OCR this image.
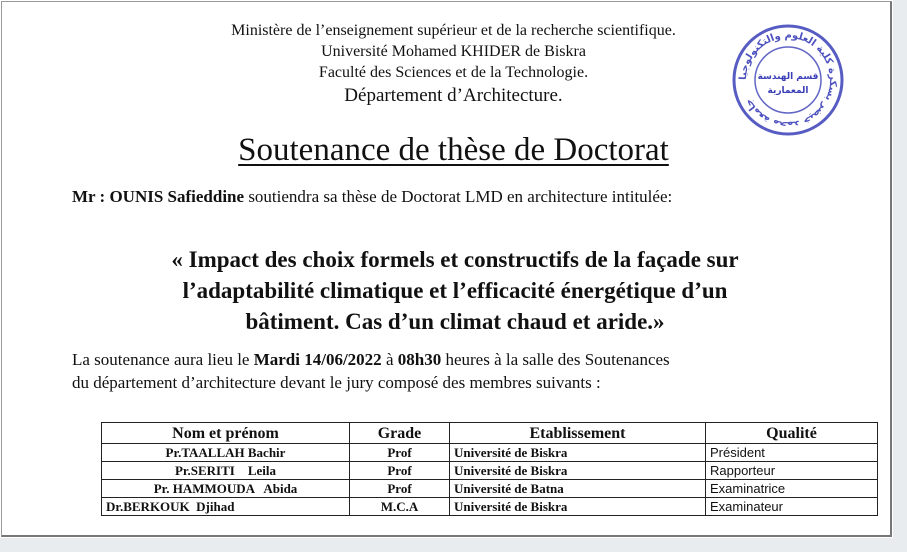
Ministère de l’enseignement supérieur et de la recherche scientifique.
Université Mohamed KHIDER de Biskra
Faculté des Sciences et de la Technologie.
Département d’Architecture.
جامعة محمد خيضر بسكرة كلية العلوم والتكنولوجيا
قسم الهندسة
المعمارية
Soutenance de thèse de Doctorat
Mr : OUNIS Safieddine soutiendra sa thèse de Doctorat LMD en architecture intitulée:
« Impact des choix formels et constructifs de la façade sur
l’adaptabilité climatique et l’efficacité énergétique d’un
bâtiment. Cas d’un climat chaud et aride.»
La soutenance aura lieu le Mardi 14/06/2022 à 08h30 heures à la salle des Soutenances
du département d’architecture devant le jury composé des membres suivants :
Nom et prénom	Grade	Etablissement	Qualité
Pr.TAALLAH Bachir	Prof	Université de Biskra	Président
Pr.SERITI    Leila	Prof	Université de Biskra	Rapporteur
Pr. HAMMOUDA   Abida	Prof	Université de Batna	Examinatrice
Dr.BERKOUK  Djihad	M.C.A	Université de Biskra	Examinateur
